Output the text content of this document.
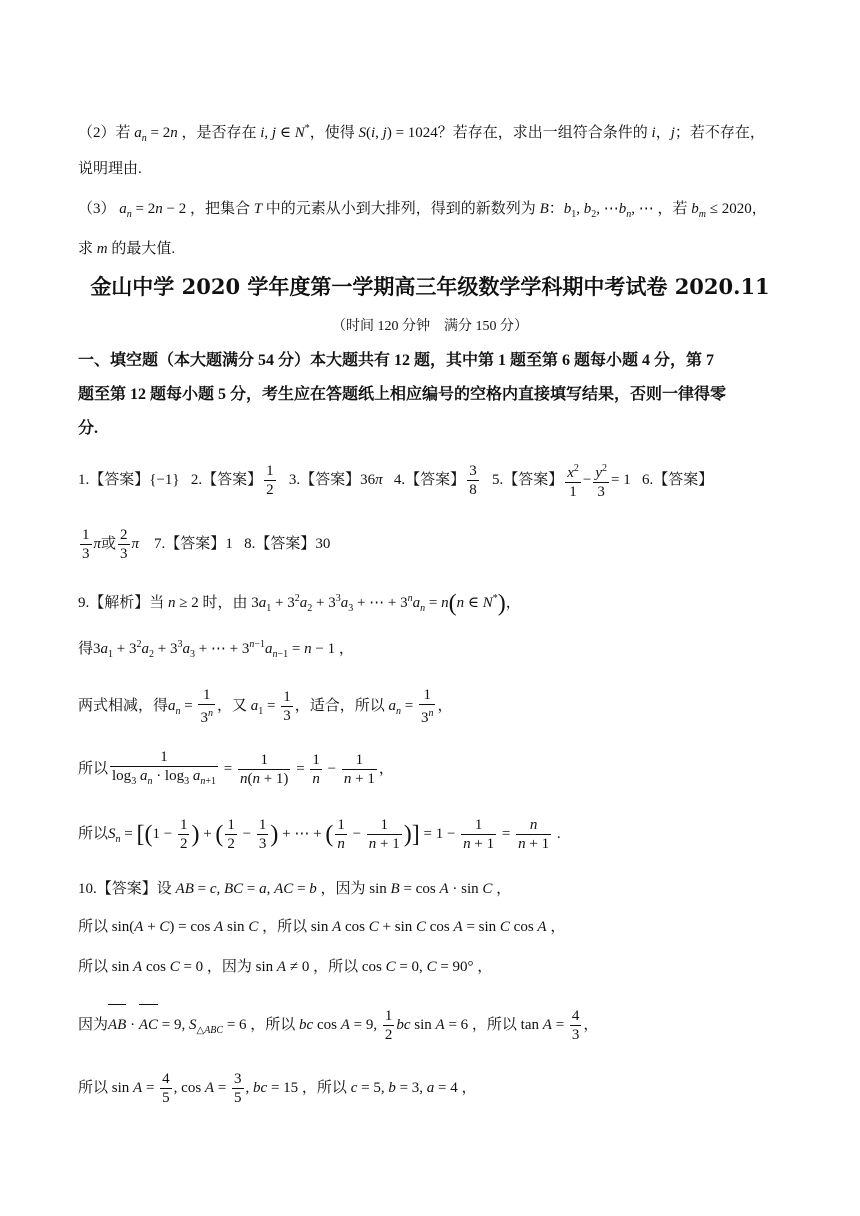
（2）若 $a_n = 2n$ ，是否存在 i, j ∈ N*，使得 S(i, j) = 1024？若存在，求出一组符合条件的 i，j；若不存在，
说明理由.
（3） $a_n = 2n - 2$ ，把集合 T 中的元素从小到大排列，得到的新数列为 B：$b_1$, $b_2$, $\cdots b_n$, ⋯ ，若 $b_m \le 2020$，
求 m 的最大值.
金山中学 2020 学年度第一学期高三年级数学学科期中考试卷 2020.11
（时间 120 分钟　满分 150 分）
一、填空题（本大题满分 54 分）本大题共有 12 题，其中第 1 题至第 6 题每小题 4 分，第 7
题至第 12 题每小题 5 分，考生应在答题纸上相应编号的空格内直接填写结果，否则一律得零
分.
1.【答案】{−1}   2.【答案】 $\frac{1}{2} 3$.【答案】36π   4.【答案】 $\frac{3}{8} 5$.【答案】 $\frac{x^2}{1} - \frac{y^2}{3} = 1$   6.【答案】
$\frac{1}{3}$ π或 $\frac{2}{3}$ π    7.【答案】1   8.【答案】30
9.【解析】当 n ≥ 2 时，由 $3a_1 + 3^2a_2 + 3^3a_3$ + ⋯ + $3^na_n = n(n$ ∈ N*)，
得$3a_1 + 3^2a_2 + 3^3a_3$ + ⋯ + $3^{n-1}a_{n-1} = n - 1$ ，
两式相减，得$a_n = \frac{1}{3^n}$ ，又 $a_1 = \frac{1}{3}$ ，适合，所以 $a_n = \frac{1}{3^n}$ ，
所以 $\frac{1}{\log_3 a_n \cdot \log_3 a_{n+1}} = \frac{1}{n(n + 1)} = \frac{1}{n} - \frac{1}{n + 1}$ ，
所以$S_n = [(1 - \frac{1}{2}$ ) + ( $\frac{1}{2} - \frac{1}{3}$ ) + ⋯ + ( $\frac{1}{n} - \frac{1}{n + 1}$ )] = $1 - \frac{1}{n + 1} = \frac{n}{n + 1}$ .
10.【答案】设 AB = c, BC = a, AC = b ，因为 sin B = cos A · sin C ，
所以 sin(A + C) = cos A sin C ，所以 sin A cos C + sin C cos A = sin C cos A ，
所以 sin A cos C = 0 ，因为 sin A ≠ 0 ，所以 cos C = 0, C = 90° ，
因为AB · AC = 9, $S_{\triangle ABC} = 6$ ，所以 bc cos A = 9, $\frac{1}{2}$ bc sin A = 6 ，所以 $\tan A = \frac{4}{3}$ ，
所以 $\sin A = \frac{4}{5}$ , $\cos A = \frac{3}{5}$ , bc = 15 ，所以 c = 5, b = 3, a = 4 ，
